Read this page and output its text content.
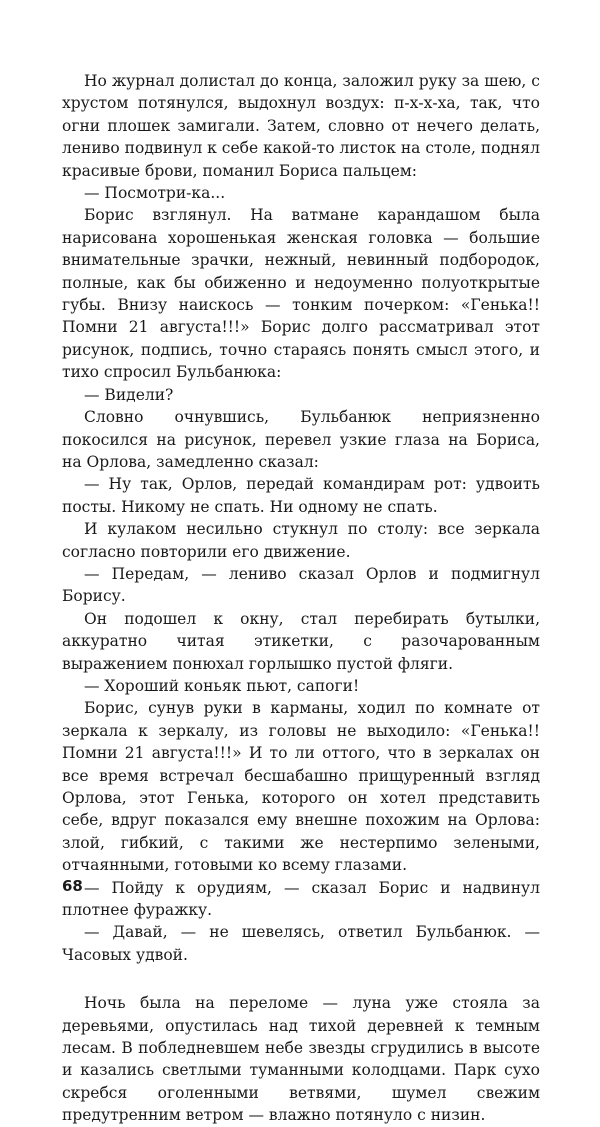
Но журнал долистал до конца, заложил руку за шею, с хрустом потянулся, выдохнул воздух: п-х-х-ха, так, что огни плошек замигали. Затем, словно от нечего делать, лениво подвинул к себе какой-то листок на столе, поднял красивые брови, поманил Бориса пальцем:

— Посмотри-ка...

Борис взглянул. На ватмане карандашом была нарисована хорошенькая женская головка — большие внимательные зрачки, нежный, невинный подбородок, полные, как бы обиженно и недоуменно полуоткрытые губы. Внизу наискось — тонким почерком: «Генька!! Помни 21 августа!!!» Борис долго рассматривал этот рисунок, подпись, точно стараясь понять смысл этого, и тихо спросил Бульбанюка:

— Видели?

Словно очнувшись, Бульбанюк неприязненно покосился на рисунок, перевел узкие глаза на Бориса, на Орлова, замедленно сказал:

— Ну так, Орлов, передай командирам рот: удвоить посты. Никому не спать. Ни одному не спать.

И кулаком несильно стукнул по столу: все зеркала согласно повторили его движение.

— Передам, — лениво сказал Орлов и подмигнул Борису.

Он подошел к окну, стал перебирать бутылки, аккуратно читая этикетки, с разочарованным выражением понюхал горлышко пустой фляги.

— Хороший коньяк пьют, сапоги!

Борис, сунув руки в карманы, ходил по комнате от зеркала к зеркалу, из головы не выходило: «Генька!! Помни 21 августа!!!» И то ли оттого, что в зеркалах он все время встречал бесшабашно прищуренный взгляд Орлова, этот Генька, которого он хотел представить себе, вдруг показался ему внешне похожим на Орлова: злой, гибкий, с такими же нестерпимо зелеными, отчаянными, готовыми ко всему глазами.

— Пойду к орудиям, — сказал Борис и надвинул плотнее фуражку.

— Давай, — не шевелясь, ответил Бульбанюк. — Часовых удвой.

Ночь была на переломе — луна уже стояла за деревьями, опустилась над тихой деревней к темным лесам. В побледневшем небе звезды сгрудились в высоте и казались светлыми туманными колодцами. Парк сухо скребся оголенными ветвями, шумел свежим предутренним ветром — влажно потянуло с низин.

68
